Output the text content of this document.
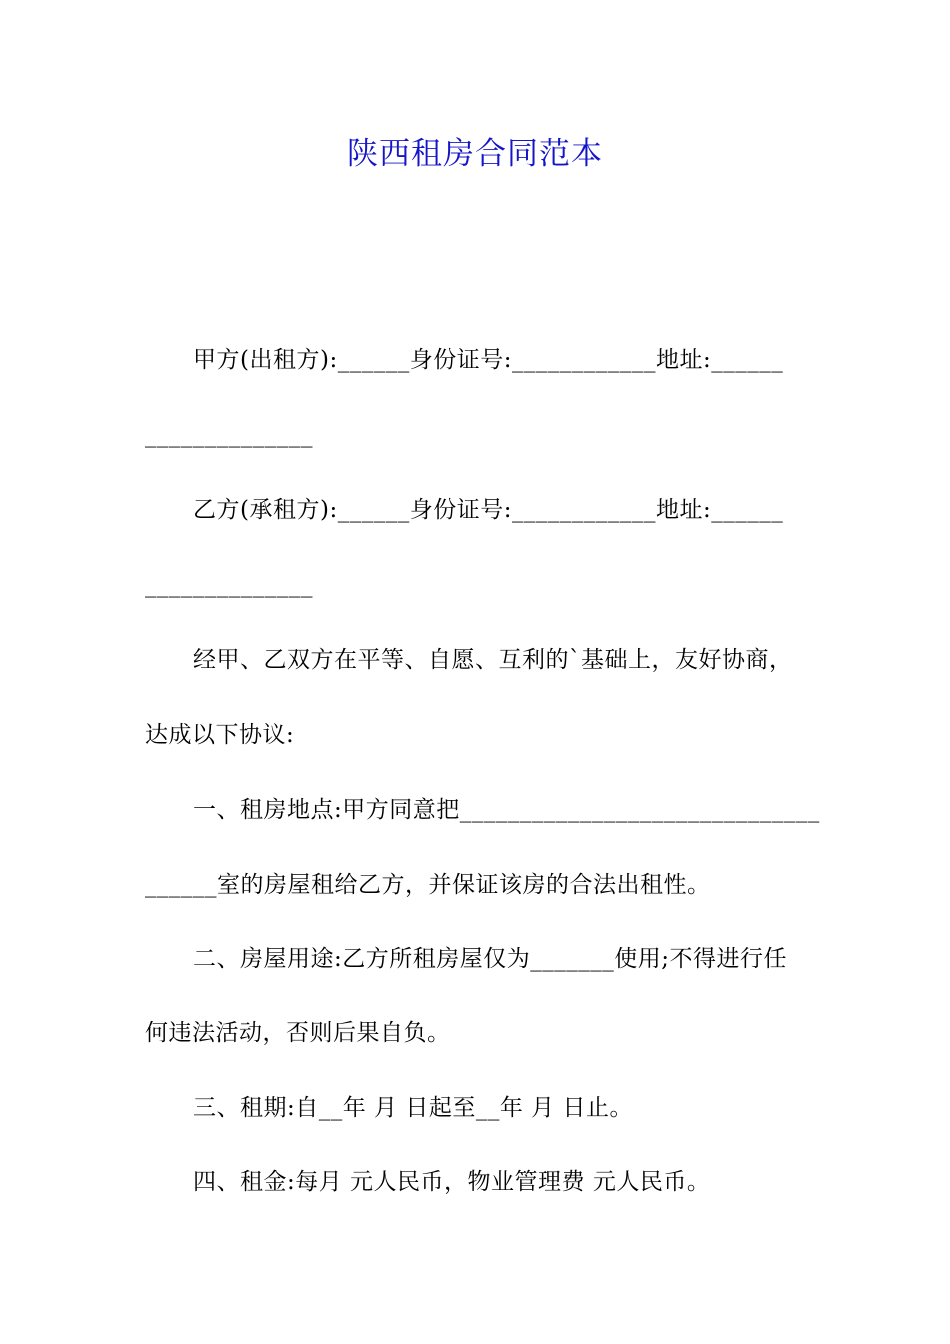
陕西租房合同范本
甲方(出租方):______身份证号:____________地址:______
______________
乙方(承租方):______身份证号:____________地址:______
______________
经甲、乙双方在平等、自愿、互利的`基础上，友好协商，
达成以下协议:
一、租房地点:甲方同意把______________________________
______室的房屋租给乙方，并保证该房的合法出租性。
二、房屋用途:乙方所租房屋仅为_______使用;不得进行任
何违法活动，否则后果自负。
三、租期:自__年 月 日起至__年 月 日止。
四、租金:每月 元人民币，物业管理费 元人民币。
